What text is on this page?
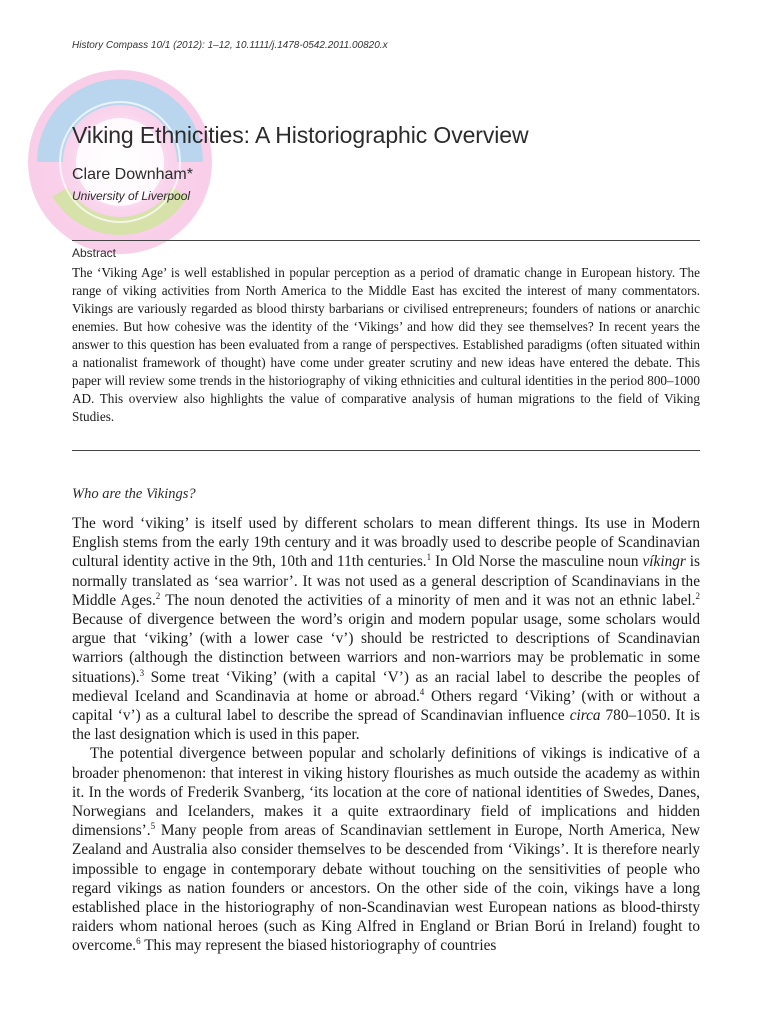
History Compass 10/1 (2012): 1–12, 10.1111/j.1478-0542.2011.00820.x
Viking Ethnicities: A Historiographic Overview
Clare Downham*
University of Liverpool
Abstract

The ‘Viking Age’ is well established in popular perception as a period of dramatic change in European history. The range of viking activities from North America to the Middle East has excited the interest of many commentators. Vikings are variously regarded as blood thirsty barbarians or civilised entrepreneurs; founders of nations or anarchic enemies. But how cohesive was the identity of the ‘Vikings’ and how did they see themselves? In recent years the answer to this question has been evaluated from a range of perspectives. Established paradigms (often situated within a nationalist framework of thought) have come under greater scrutiny and new ideas have entered the debate. This paper will review some trends in the historiography of viking ethnicities and cultural identities in the period 800–1000 AD. This overview also highlights the value of comparative analysis of human migrations to the field of Viking Studies.

Who are the Vikings?

The word ‘viking’ is itself used by different scholars to mean different things. Its use in Modern English stems from the early 19th century and it was broadly used to describe people of Scandinavian cultural identity active in the 9th, 10th and 11th centuries.$^1$ In Old Norse the masculine noun víkingr is normally translated as ‘sea warrior’. It was not used as a general description of Scandinavians in the Middle Ages.$^2$ The noun denoted the activities of a minority of men and it was not an ethnic label.$^2$ Because of divergence between the word’s origin and modern popular usage, some scholars would argue that ‘viking’ (with a lower case ‘v’) should be restricted to descriptions of Scandinavian warriors (although the distinction between warriors and non-warriors may be problematic in some situations).$^3$ Some treat ‘Viking’ (with a capital ‘V’) as an racial label to describe the peoples of medieval Iceland and Scandinavia at home or abroad.$^4$ Others regard ‘Viking’ (with or without a capital ‘v’) as a cultural label to describe the spread of Scandinavian influence circa 780–1050. It is the last designation which is used in this paper.

The potential divergence between popular and scholarly definitions of vikings is indicative of a broader phenomenon: that interest in viking history flourishes as much outside the academy as within it. In the words of Frederik Svanberg, ‘its location at the core of national identities of Swedes, Danes, Norwegians and Icelanders, makes it a quite extraordinary field of implications and hidden dimensions’.$^5$ Many people from areas of Scandinavian settlement in Europe, North America, New Zealand and Australia also consider themselves to be descended from ‘Vikings’. It is therefore nearly impossible to engage in contemporary debate without touching on the sensitivities of people who regard vikings as nation founders or ancestors. On the other side of the coin, vikings have a long established place in the historiography of non-Scandinavian west European nations as blood-thirsty raiders whom national heroes (such as King Alfred in England or Brian Ború in Ireland) fought to overcome.$^6$ This may represent the biased historiography of countries
